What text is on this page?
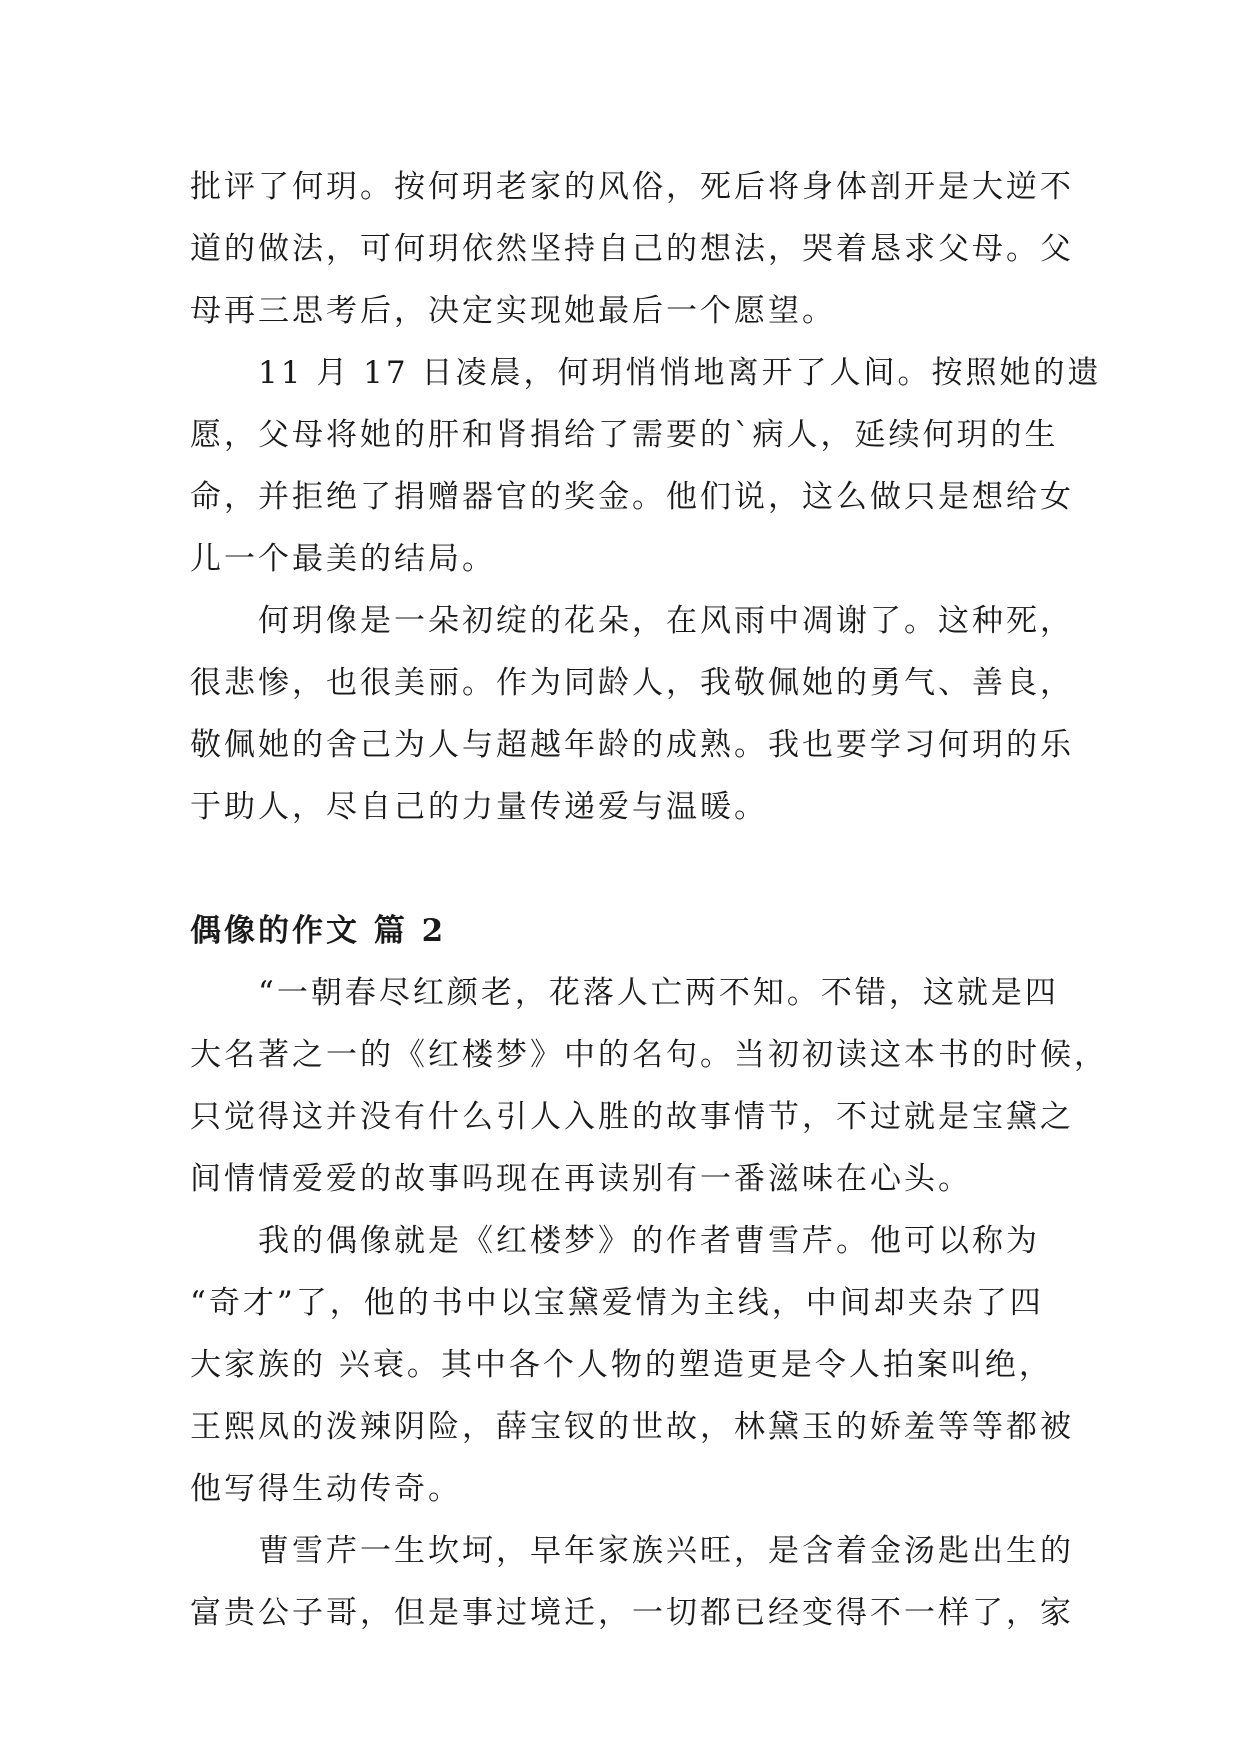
批评了何玥。按何玥老家的风俗，死后将身体剖开是大逆不
道的做法，可何玥依然坚持自己的想法，哭着恳求父母。父
母再三思考后，决定实现她最后一个愿望。

　　11 月 17 日凌晨，何玥悄悄地离开了人间。按照她的遗
愿，父母将她的肝和肾捐给了需要的`病人，延续何玥的生
命，并拒绝了捐赠器官的奖金。他们说，这么做只是想给女
儿一个最美的结局。

　　何玥像是一朵初绽的花朵，在风雨中凋谢了。这种死，
很悲惨，也很美丽。作为同龄人，我敬佩她的勇气、善良，
敬佩她的舍己为人与超越年龄的成熟。我也要学习何玥的乐
于助人，尽自己的力量传递爱与温暖。

偶像的作文 篇 2

　　“一朝春尽红颜老，花落人亡两不知。不错，这就是四
大名著之一的《红楼梦》中的名句。当初初读这本书的时候，
只觉得这并没有什么引人入胜的故事情节，不过就是宝黛之
间情情爱爱的故事吗现在再读别有一番滋味在心头。

　　我的偶像就是《红楼梦》的作者曹雪芹。他可以称为
“奇才”了，他的书中以宝黛爱情为主线，中间却夹杂了四
大家族的 兴衰。其中各个人物的塑造更是令人拍案叫绝，
王熙凤的泼辣阴险，薛宝钗的世故，林黛玉的娇羞等等都被
他写得生动传奇。

　　曹雪芹一生坎坷，早年家族兴旺，是含着金汤匙出生的
富贵公子哥，但是事过境迁，一切都已经变得不一样了，家
